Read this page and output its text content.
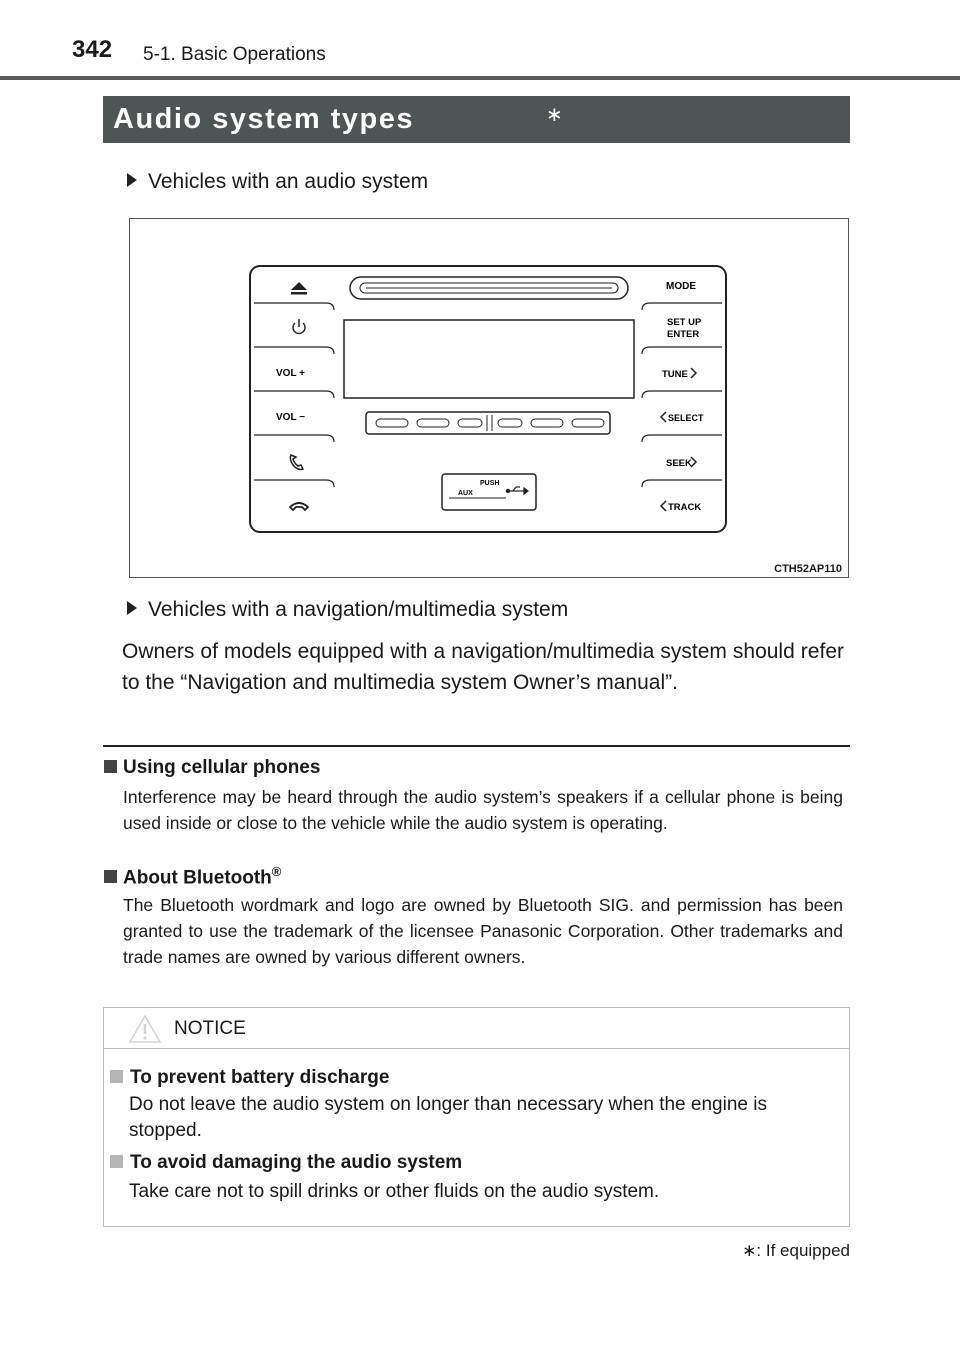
342 5-1. Basic Operations
Audio system types	∗
Vehicles with an audio system
PUSH
AUX
VOL +
VOL −
MODE
SET UP
ENTER
TUNE
SELECT
SEEK
TRACK
CTH52AP110
Vehicles with a navigation/multimedia system
Owners of models equipped with a navigation/multimedia system should refer to the “Navigation and multimedia system Owner’s manual”.
Using cellular phones
Interference may be heard through the audio system’s speakers if a cellular phone is being used inside or close to the vehicle while the audio system is operating.
About Bluetooth®
The Bluetooth wordmark and logo are owned by Bluetooth SIG. and permission has been granted to use the trademark of the licensee Panasonic Corporation. Other trademarks and trade names are owned by various different owners.
NOTICE
To prevent battery discharge
Do not leave the audio system on longer than necessary when the engine is stopped.
To avoid damaging the audio system
Take care not to spill drinks or other fluids on the audio system.
∗: If equipped
